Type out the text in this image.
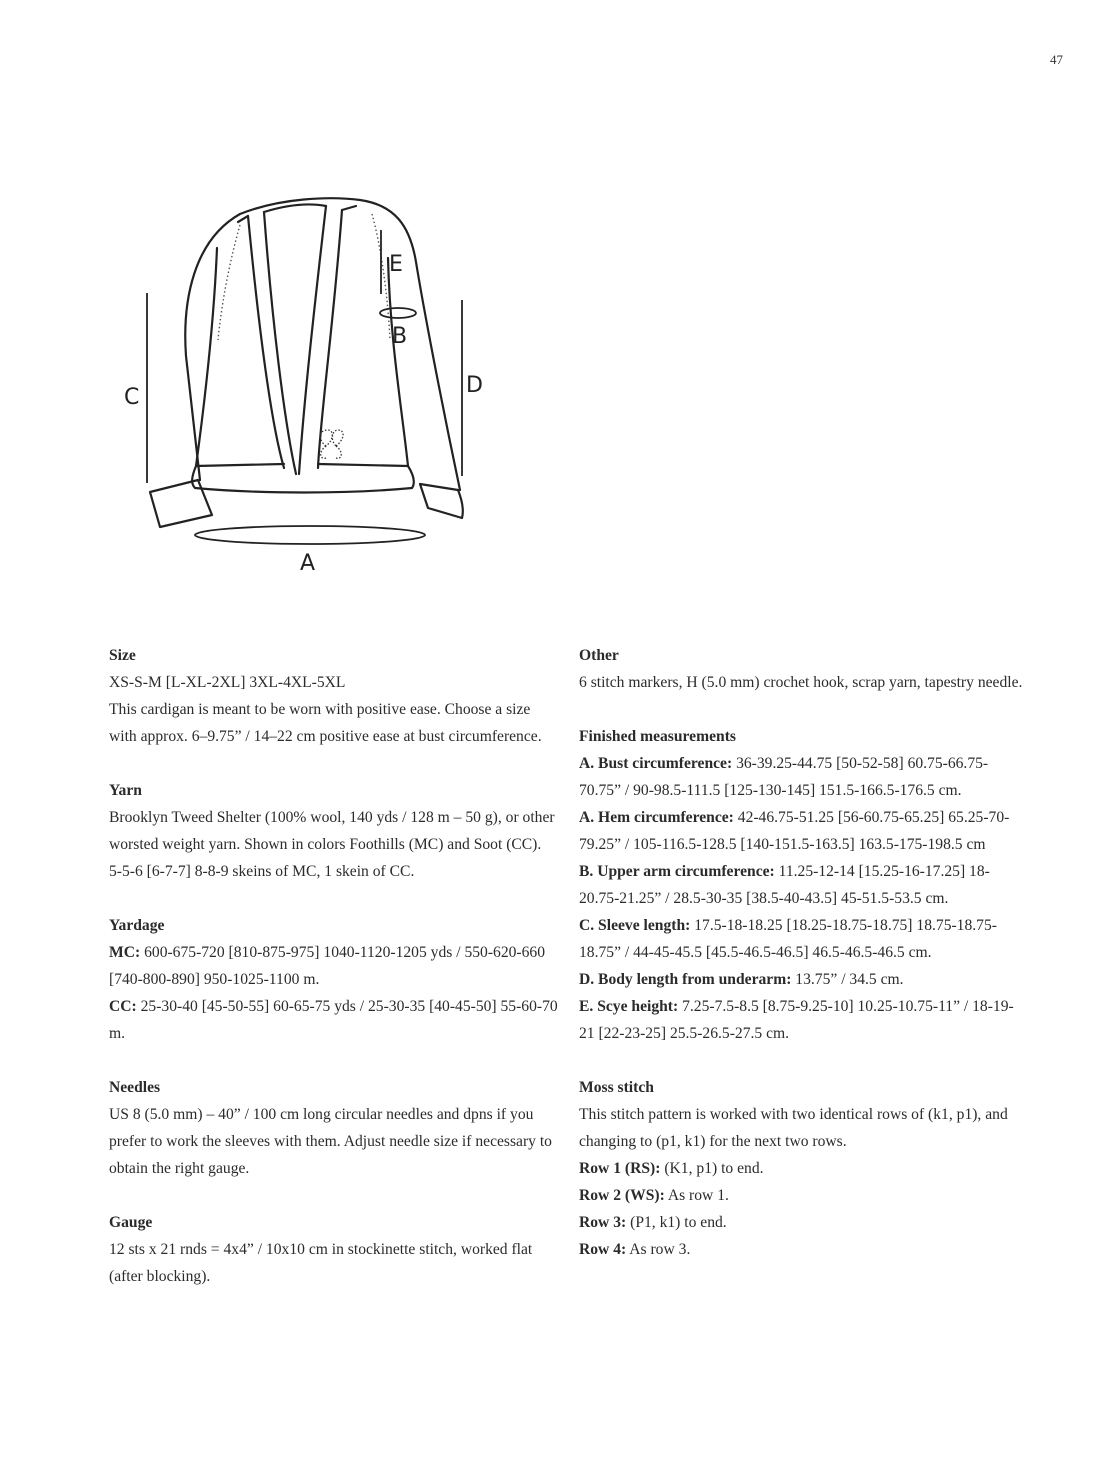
47
A
B
C	D
E
Size

XS-S-M [L-XL-2XL] 3XL-4XL-5XL

This cardigan is meant to be worn with positive ease. Choose a size with approx. 6–9.75” / 14–22 cm positive ease at bust circumference.

Yarn

Brooklyn Tweed Shelter (100% wool, 140 yds / 128 m – 50 g), or other worsted weight yarn. Shown in colors Foothills (MC) and Soot (CC).

5-5-6 [6-7-7] 8-8-9 skeins of MC, 1 skein of CC.

Yardage

MC: 600-675-720 [810-875-975] 1040-1120-1205 yds / 550-620-660 [740-800-890] 950-1025-1100 m.

CC: 25-30-40 [45-50-55] 60-65-75 yds / 25-30-35 [40-45-50] 55-60-70 m.

Needles

US 8 (5.0 mm) – 40” / 100 cm long circular needles and dpns if you prefer to work the sleeves with them. Adjust needle size if necessary to obtain the right gauge.

Gauge

12 sts x 21 rnds = 4x4” / 10x10 cm in stockinette stitch, worked flat (after blocking).

Other

6 stitch markers, H (5.0 mm) crochet hook, scrap yarn, tapestry needle.

Finished measurements

A. Bust circumference: 36-39.25-44.75 [50-52-58] 60.75-66.75-70.75” / 90-98.5-111.5 [125-130-145] 151.5-166.5-176.5 cm.

A. Hem circumference: 42-46.75-51.25 [56-60.75-65.25] 65.25-70-79.25” / 105-116.5-128.5 [140-151.5-163.5] 163.5-175-198.5 cm

B. Upper arm circumference: 11.25-12-14 [15.25-16-17.25] 18-20.75-21.25” / 28.5-30-35 [38.5-40-43.5] 45-51.5-53.5 cm.

C. Sleeve length: 17.5-18-18.25 [18.25-18.75-18.75] 18.75-18.75-18.75” / 44-45-45.5 [45.5-46.5-46.5] 46.5-46.5-46.5 cm.

D. Body length from underarm: 13.75” / 34.5 cm.

E. Scye height: 7.25-7.5-8.5 [8.75-9.25-10] 10.25-10.75-11” / 18-19-21 [22-23-25] 25.5-26.5-27.5 cm.

Moss stitch

This stitch pattern is worked with two identical rows of (k1, p1), and changing to (p1, k1) for the next two rows.

Row 1 (RS): (K1, p1) to end.

Row 2 (WS): As row 1.

Row 3: (P1, k1) to end.

Row 4: As row 3.
